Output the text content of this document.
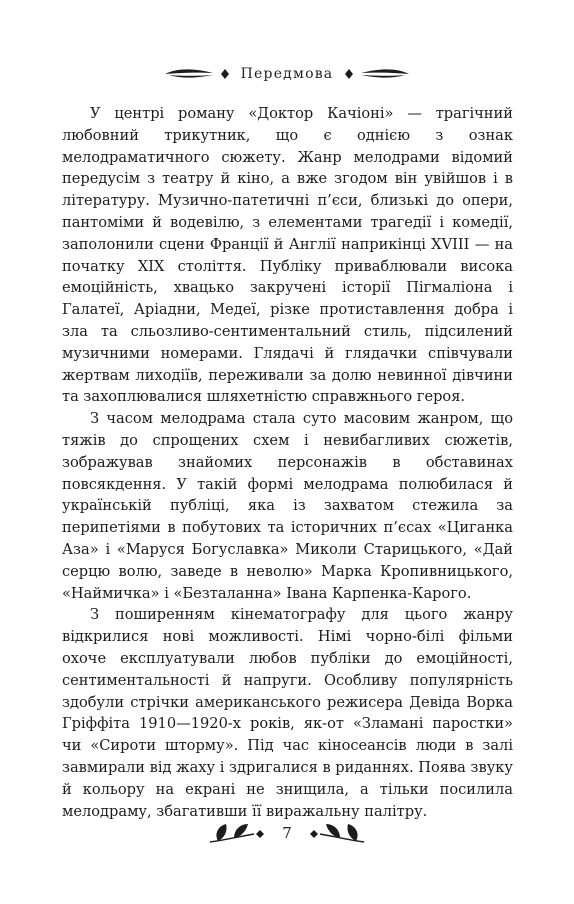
Передмова

У центрі роману «Доктор Качіоні» — трагічний любовний трикутник, що є однією з ознак мелодраматичного сюжету. Жанр мелодрами відомий передусім з театру й кіно, а вже згодом він увійшов і в літературу. Музично-патетичні п’єси, близькі до опери, пантоміми й водевілю, з елементами трагедії і комедії, заполонили сцени Франції й Англії наприкінці XVIII — на початку XIX століття. Публіку приваблювали висока емоційність, хвацько закручені історії Пігмаліона і Галатеї, Аріадни, Медеї, різке протиставлення добра і зла та сльозливо-сентиментальний стиль, підсилений музичними номерами. Глядачі й глядачки співчували жертвам лиходіїв, переживали за долю невинної дівчини та захоплювалися шляхетністю справжнього героя.

З часом мелодрама стала суто масовим жанром, що тяжів до спрощених схем і невибагливих сюжетів, зображував знайомих персонажів в обставинах повсякдення. У такій формі мелодрама полюбилася й українській публіці, яка із захватом стежила за перипетіями в побутових та історичних п’єсах «Циганка Аза» і «Маруся Богуславка» Миколи Старицького, «Дай серцю волю, заведе в неволю» Марка Кропивницького, «Наймичка» і «Безталанна» Івана Карпенка-Карого.

З поширенням кінематографу для цього жанру відкрилися нові можливості. Німі чорно-білі фільми охоче експлуатували любов публіки до емоційності, сентиментальності й напруги. Особливу популярність здобули стрічки американського режисера Девіда Ворка Гріффіта 1910—1920-х років, як-от «Зламані паростки» чи «Сироти шторму». Під час кіносеансів люди в залі завмирали від жаху і здригалися в риданнях. Поява звуку й кольору на екрані не знищила, а тільки посилила мелодраму, збагативши її виражальну палітру.

7
